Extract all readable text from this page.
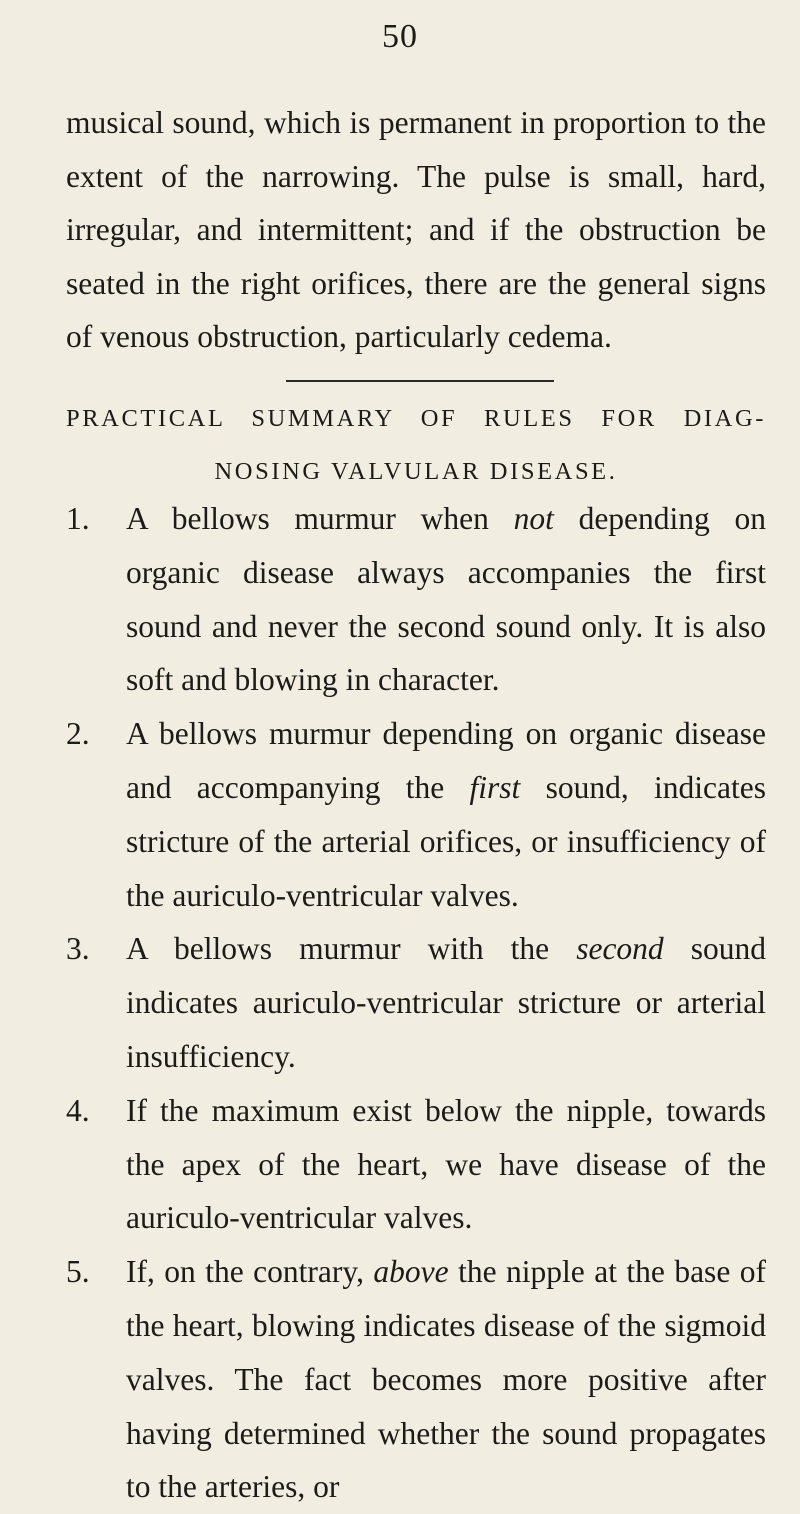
50

musical sound, which is permanent in proportion to the extent of the narrowing. The pulse is small, hard, irregular, and intermittent; and if the obstruction be seated in the right orifices, there are the general signs of venous obstruction, particularly cedema.

PRACTICAL SUMMARY OF RULES FOR DIAG-
NOSING VALVULAR DISEASE.
1. A bellows murmur when not depending on organic disease always accompanies the first sound and never the second sound only. It is also soft and blowing in character.
2. A bellows murmur depending on organic disease and accompanying the first sound, indicates stricture of the arterial orifices, or insufficiency of the auriculo-ventricular valves.
3. A bellows murmur with the second sound indicates auriculo-ventricular stricture or arterial insufficiency.
4. If the maximum exist below the nipple, towards the apex of the heart, we have disease of the auriculo-ventricular valves.
5. If, on the contrary, above the nipple at the base of the heart, blowing indicates disease of the sigmoid valves. The fact becomes more positive after having determined whether the sound propagates to the arteries, or
